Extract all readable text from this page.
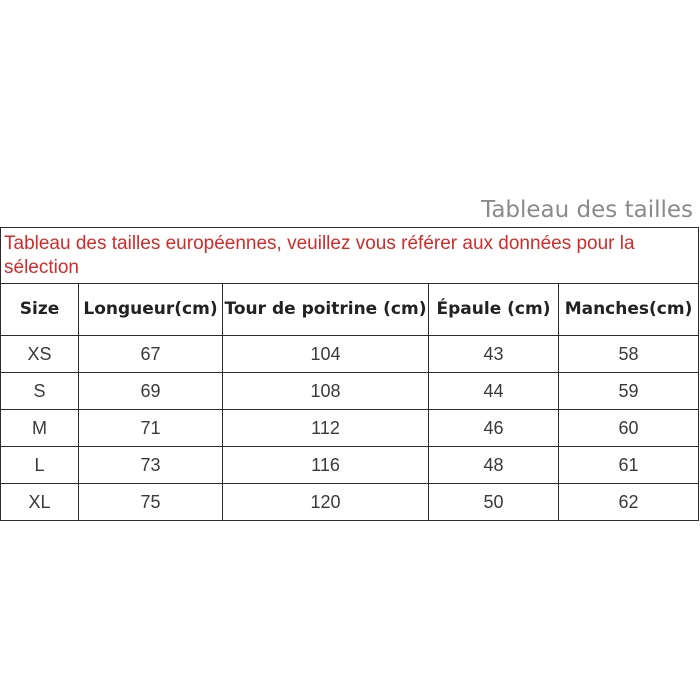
Tableau des tailles
Tableau des tailles européennes, veuillez vous référer aux données pour la sélection				
Size	Longueur(cm)	Tour de poitrine (cm)	Épaule (cm)	Manches(cm)
XS	67	104	43	58
S	69	108	44	59
M	71	112	46	60
L	73	116	48	61
XL	75	120	50	62
